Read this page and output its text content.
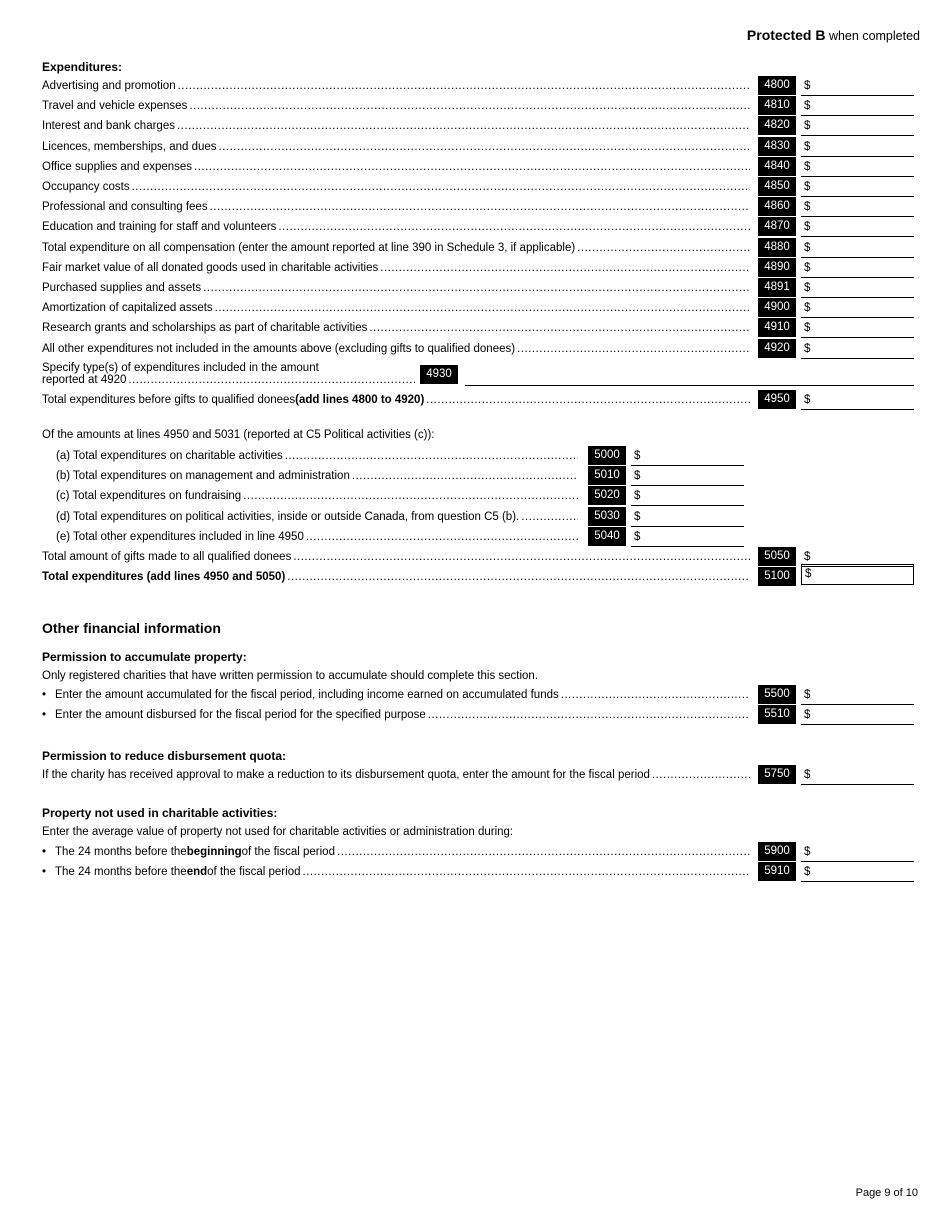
Protected B when completed
Expenditures:
Advertising and promotion .....	4800	$
Travel and vehicle expenses .....	4810	$
Interest and bank charges .....	4820	$
Licences, memberships, and dues .....	4830	$
Office supplies and expenses .....	4840	$
Occupancy costs .....	4850	$
Professional and consulting fees .....	4860	$
Education and training for staff and volunteers .....	4870	$
Total expenditure on all compensation (enter the amount reported at line 390 in Schedule 3, if applicable) .....	4880	$
Fair market value of all donated goods used in charitable activities .....	4890	$
Purchased supplies and assets .....	4891	$
Amortization of capitalized assets .....	4900	$
Research grants and scholarships as part of charitable activities .....	4910	$
All other expenditures not included in the amounts above (excluding gifts to qualified donees) .....	4920	$
Specify type(s) of expenditures included in the amount
reported at 4920 .....	4930
Total expenditures before gifts to qualified donees (add lines 4800 to 4920) .....	4950	$
Of the amounts at lines 4950 and 5031 (reported at C5 Political activities (c)):
(a) Total expenditures on charitable activities .....	5000	$
(b) Total expenditures on management and administration .....	5010	$
(c) Total expenditures on fundraising .....	5020	$
(d) Total expenditures on political activities, inside or outside Canada, from question C5 (b). .....	5030	$
(e) Total other expenditures included in line 4950 .....	5040	$
Total amount of gifts made to all qualified donees .....	5050	$
Total expenditures (add lines 4950 and 5050) .....	5100	$
Other financial information
Permission to accumulate property:
Only registered charities that have written permission to accumulate should complete this section.
• Enter the amount accumulated for the fiscal period, including income earned on accumulated funds .....	5500	$
• Enter the amount disbursed for the fiscal period for the specified purpose .....	5510	$
Permission to reduce disbursement quota:
If the charity has received approval to make a reduction to its disbursement quota, enter the amount for the fiscal period .....	5750	$
Property not used in charitable activities:
Enter the average value of property not used for charitable activities or administration during:
• The 24 months before the beginning of the fiscal period .....	5900	$
• The 24 months before the end of the fiscal period .....	5910	$
Page 9 of 10
